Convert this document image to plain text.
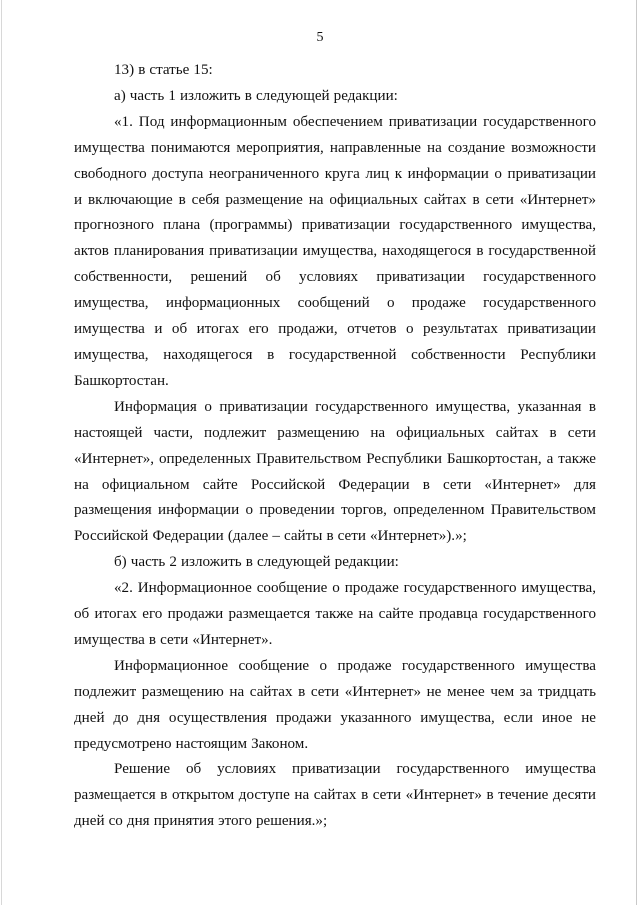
5

13) в статье 15:

а) часть 1 изложить в следующей редакции:

«1. Под информационным обеспечением приватизации государственного имущества понимаются мероприятия, направленные на создание возможности свободного доступа неограниченного круга лиц к информации о приватизации и включающие в себя размещение на официальных сайтах в сети «Интернет» прогнозного плана (программы) приватизации государственного имущества, актов планирования приватизации имущества, находящегося в государственной собственности, решений об условиях приватизации государственного имущества, информационных сообщений о продаже государственного имущества и об итогах его продажи, отчетов о результатах приватизации имущества, находящегося в государственной собственности Республики Башкортостан.

Информация о приватизации государственного имущества, указанная в настоящей части, подлежит размещению на официальных сайтах в сети «Интернет», определенных Правительством Республики Башкортостан, а также на официальном сайте Российской Федерации в сети «Интернет» для размещения информации о проведении торгов, определенном Правительством Российской Федерации (далее – сайты в сети «Интернет»).»;

б) часть 2 изложить в следующей редакции:

«2. Информационное сообщение о продаже государственного имущества, об итогах его продажи размещается также на сайте продавца государственного имущества в сети «Интернет».

Информационное сообщение о продаже государственного имущества подлежит размещению на сайтах в сети «Интернет» не менее чем за тридцать дней до дня осуществления продажи указанного имущества, если иное не предусмотрено настоящим Законом.

Решение об условиях приватизации государственного имущества размещается в открытом доступе на сайтах в сети «Интернет» в течение десяти дней со дня принятия этого решения.»;
